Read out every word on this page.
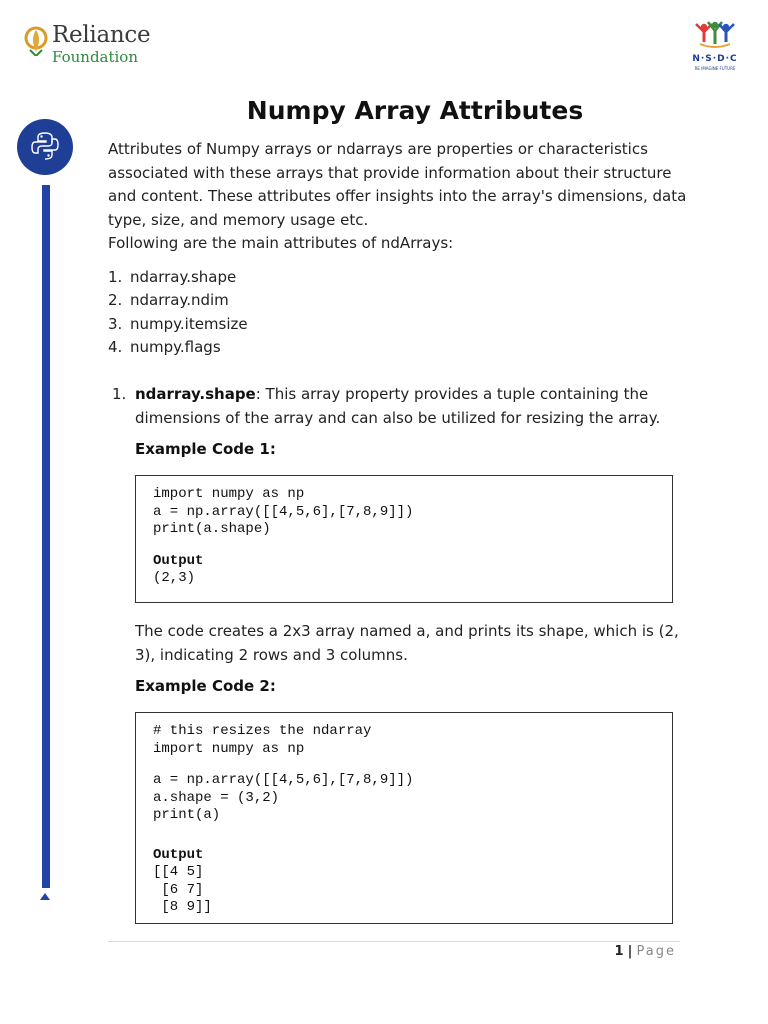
Reliance
Foundation	N·S·D·C
RE IMAGINE FUTURE
Numpy Array Attributes

Attributes of Numpy arrays or ndarrays are properties or characteristics associated with these arrays that provide information about their structure and content. These attributes offer insights into the array's dimensions, data type, size, and memory usage etc.

Following are the main attributes of ndArrays:

1. ndarray.shape
2. ndarray.ndim
3. numpy.itemsize
4. numpy.flags
1. ndarray.shape: This array property provides a tuple containing the dimensions of the array and can also be utilized for resizing the array.
Example Code 1:
import numpy as np
a = np.array([[4,5,6],[7,8,9]])
print(a.shape)
Output
(2,3)
The code creates a 2x3 array named a, and prints its shape, which is (2, 3), indicating 2 rows and 3 columns.
Example Code 2:
# this resizes the ndarray
import numpy as np
a = np.array([[4,5,6],[7,8,9]])
a.shape = (3,2)
print(a)
Output
[[4 5]
[6 7]
[8 9]]
1 | Page
